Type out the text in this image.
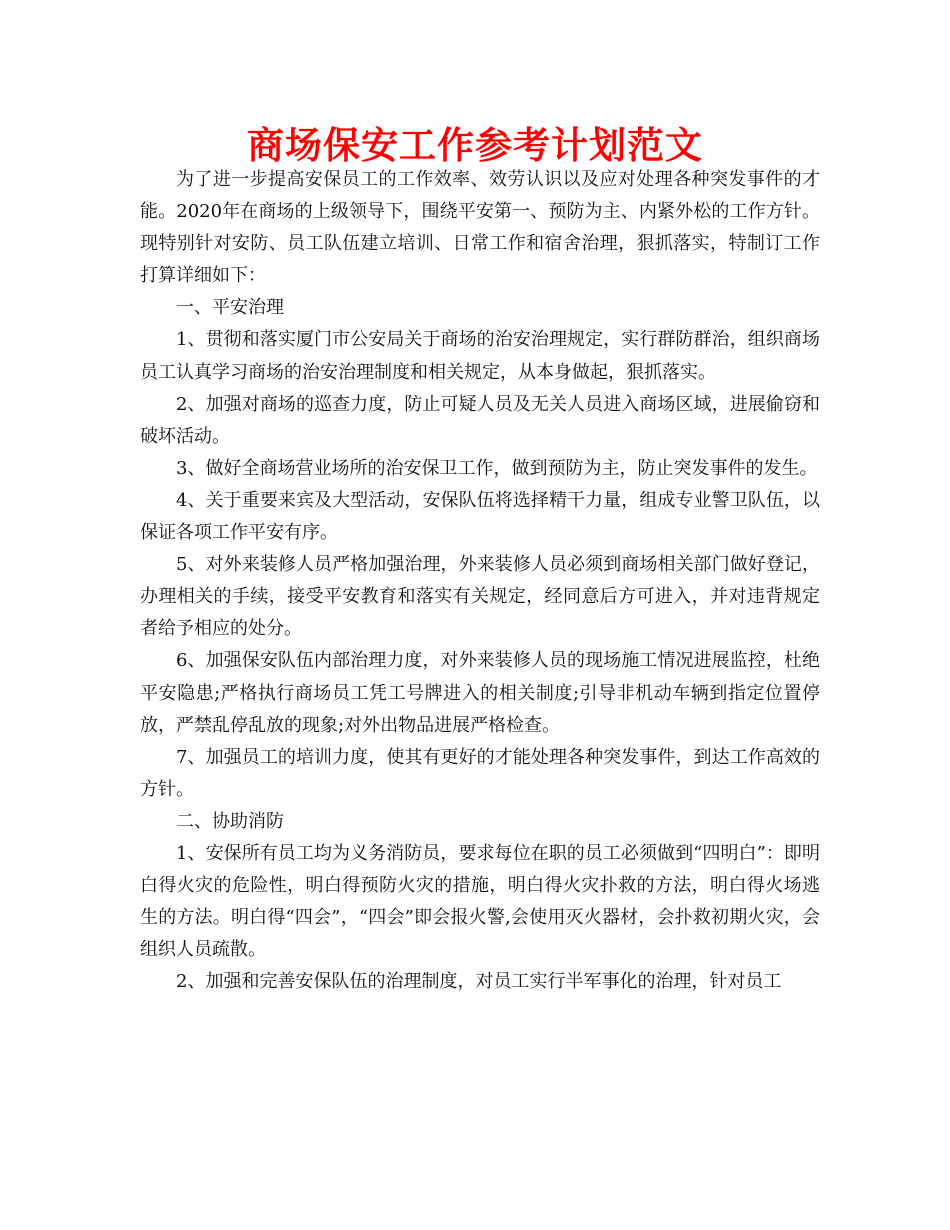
商场保安工作参考计划范文

为了进一步提高安保员工的工作效率、效劳认识以及应对处理各种突发事件的才能。2020年在商场的上级领导下，围绕平安第一、预防为主、内紧外松的工作方针。现特别针对安防、员工队伍建立培训、日常工作和宿舍治理，狠抓落实，特制订工作打算详细如下：

一、平安治理

1、贯彻和落实厦门市公安局关于商场的治安治理规定，实行群防群治，组织商场员工认真学习商场的治安治理制度和相关规定，从本身做起，狠抓落实。

2、加强对商场的巡查力度，防止可疑人员及无关人员进入商场区域，进展偷窃和破坏活动。

3、做好全商场营业场所的治安保卫工作，做到预防为主，防止突发事件的发生。

4、关于重要来宾及大型活动，安保队伍将选择精干力量，组成专业警卫队伍，以保证各项工作平安有序。

5、对外来装修人员严格加强治理，外来装修人员必须到商场相关部门做好登记，办理相关的手续，接受平安教育和落实有关规定，经同意后方可进入，并对违背规定者给予相应的处分。

6、加强保安队伍内部治理力度，对外来装修人员的现场施工情况进展监控，杜绝平安隐患;严格执行商场员工凭工号牌进入的相关制度;引导非机动车辆到指定位置停放，严禁乱停乱放的现象;对外出物品进展严格检查。

7、加强员工的培训力度，使其有更好的才能处理各种突发事件，到达工作高效的方针。

二、协助消防

1、安保所有员工均为义务消防员，要求每位在职的员工必须做到“四明白”：即明白得火灾的危险性，明白得预防火灾的措施，明白得火灾扑救的方法，明白得火场逃生的方法。明白得“四会”，“四会”即会报火警,会使用灭火器材，会扑救初期火灾，会组织人员疏散。

2、加强和完善安保队伍的治理制度，对员工实行半军事化的治理，针对员工
